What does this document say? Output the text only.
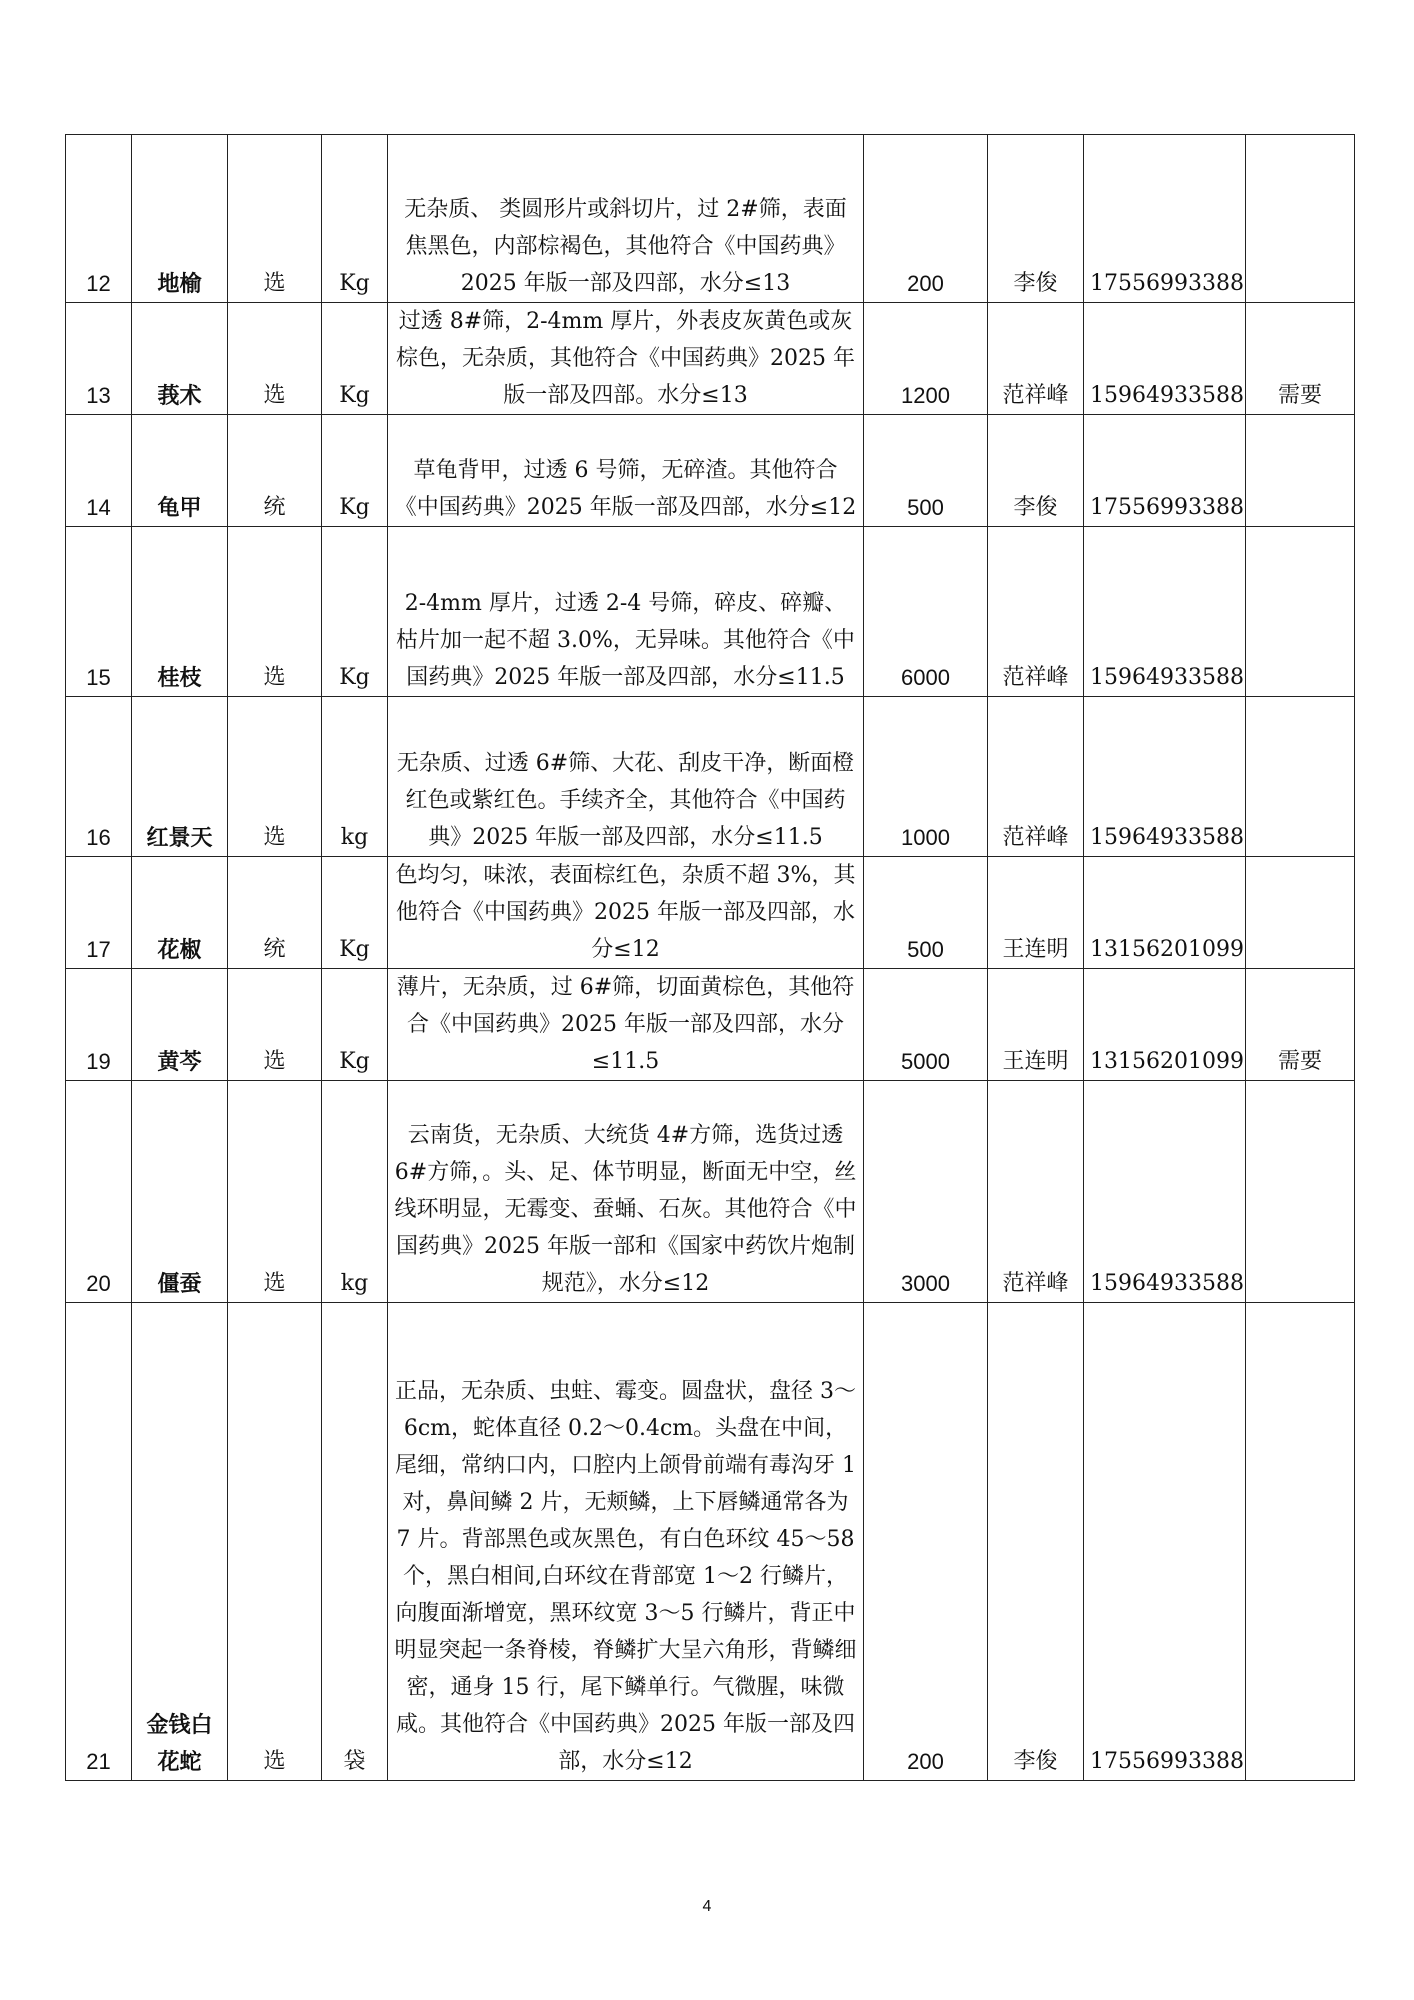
12	地榆	选	Kg	无杂质、 类圆形片或斜切片，过 2#筛，表面焦黑色，内部棕褐色，其他符合《中国药典》2025 年版一部及四部，水分≤13	200	李俊	17556993388	
13	莪术	选	Kg	过透 8#筛，2-4mm 厚片，外表皮灰黄色或灰棕色，无杂质，其他符合《中国药典》2025 年版一部及四部。水分≤13	1200	范祥峰	15964933588	需要
14	龟甲	统	Kg	草龟背甲，过透 6 号筛，无碎渣。其他符合《中国药典》2025 年版一部及四部，水分≤12	500	李俊	17556993388	
15	桂枝	选	Kg	2-4mm 厚片，过透 2-4 号筛，碎皮、碎瓣、枯片加一起不超 3.0%，无异味。其他符合《中国药典》2025 年版一部及四部，水分≤11.5	6000	范祥峰	15964933588	
16	红景天	选	kg	无杂质、过透 6#筛、大花、刮皮干净，断面橙红色或紫红色。手续齐全，其他符合《中国药典》2025 年版一部及四部，水分≤11.5	1000	范祥峰	15964933588	
17	花椒	统	Kg	色均匀，味浓，表面棕红色，杂质不超 3%，其他符合《中国药典》2025 年版一部及四部，水分≤12	500	王连明	13156201099	
19	黄芩	选	Kg	薄片，无杂质，过 6#筛，切面黄棕色，其他符合《中国药典》2025 年版一部及四部，水分≤11.5	5000	王连明	13156201099	需要
20	僵蚕	选	kg	云南货，无杂质、大统货 4#方筛，选货过透 6#方筛，。头、足、体节明显，断面无中空，丝线环明显，无霉变、蚕蛹、石灰。其他符合《中国药典》2025 年版一部和《国家中药饮片炮制规范》，水分≤12	3000	范祥峰	15964933588	
21	金钱白花蛇	选	袋	正品，无杂质、虫蛀、霉变。圆盘状，盘径 3～6cm，蛇体直径 0.2～0.4cm。头盘在中间，尾细，常纳口内，口腔内上颌骨前端有毒沟牙 1 对，鼻间鳞 2 片，无颊鳞，上下唇鳞通常各为 7 片。背部黑色或灰黑色，有白色环纹 45～58 个，黑白相间,白环纹在背部宽 1～2 行鳞片，向腹面渐增宽，黑环纹宽 3～5 行鳞片，背正中明显突起一条脊棱，脊鳞扩大呈六角形，背鳞细密，通身 15 行，尾下鳞单行。气微腥，味微咸。其他符合《中国药典》2025 年版一部及四部，水分≤12	200	李俊	17556993388	
4
